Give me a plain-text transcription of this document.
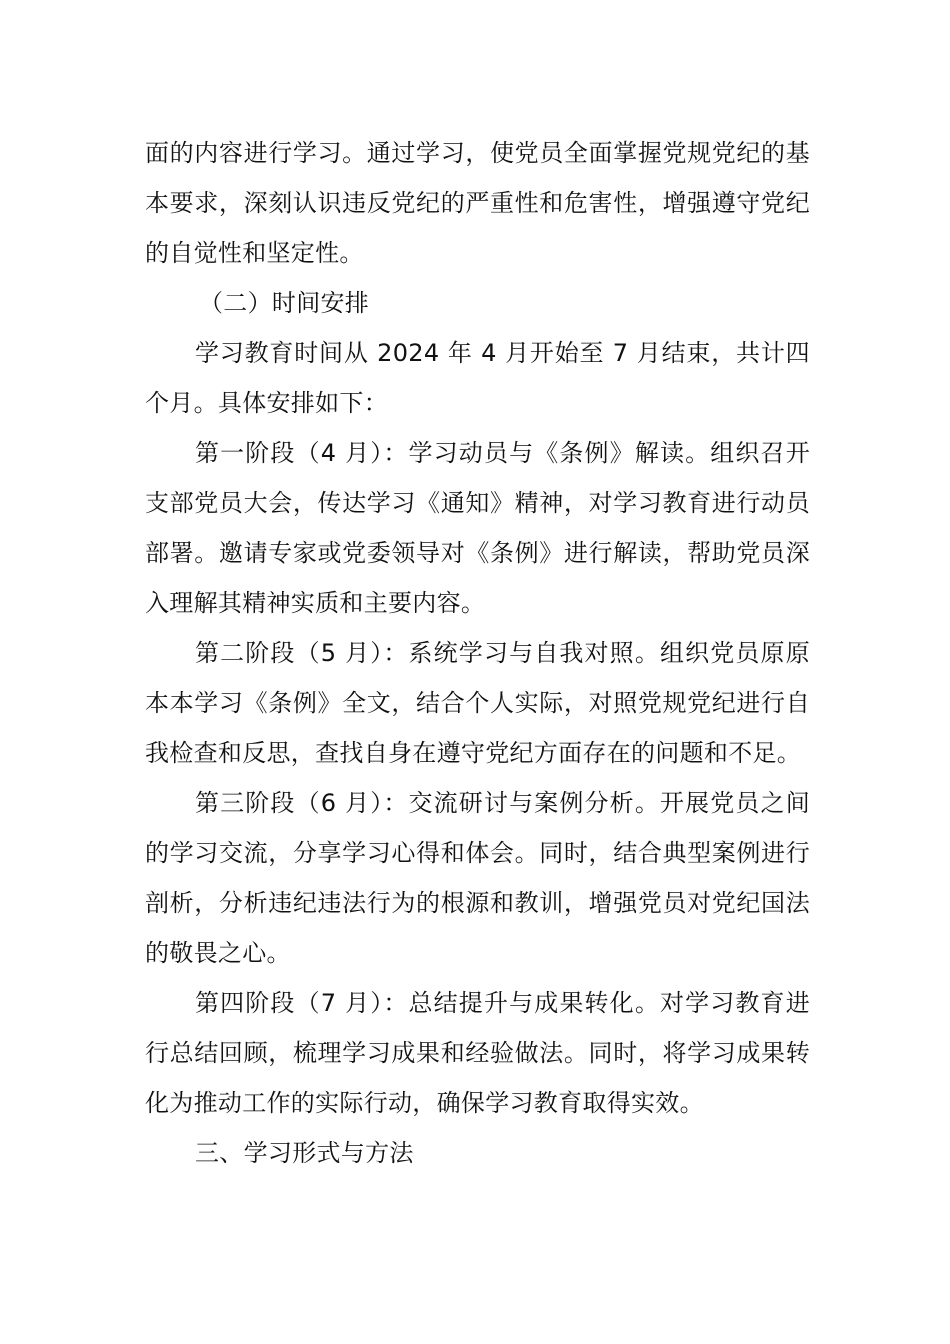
面的内容进行学习。通过学习，使党员全面掌握党规党纪的基本要求，深刻认识违反党纪的严重性和危害性，增强遵守党纪的自觉性和坚定性。

（二）时间安排

学习教育时间从 2024 年 4 月开始至 7 月结束，共计四个月。具体安排如下：

第一阶段（4 月）：学习动员与《条例》解读。组织召开支部党员大会，传达学习《通知》精神，对学习教育进行动员部署。邀请专家或党委领导对《条例》进行解读，帮助党员深入理解其精神实质和主要内容。

第二阶段（5 月）：系统学习与自我对照。组织党员原原本本学习《条例》全文，结合个人实际，对照党规党纪进行自我检查和反思，查找自身在遵守党纪方面存在的问题和不足。

第三阶段（6 月）：交流研讨与案例分析。开展党员之间的学习交流，分享学习心得和体会。同时，结合典型案例进行剖析，分析违纪违法行为的根源和教训，增强党员对党纪国法的敬畏之心。

第四阶段（7 月）：总结提升与成果转化。对学习教育进行总结回顾，梳理学习成果和经验做法。同时，将学习成果转化为推动工作的实际行动，确保学习教育取得实效。

三、学习形式与方法
